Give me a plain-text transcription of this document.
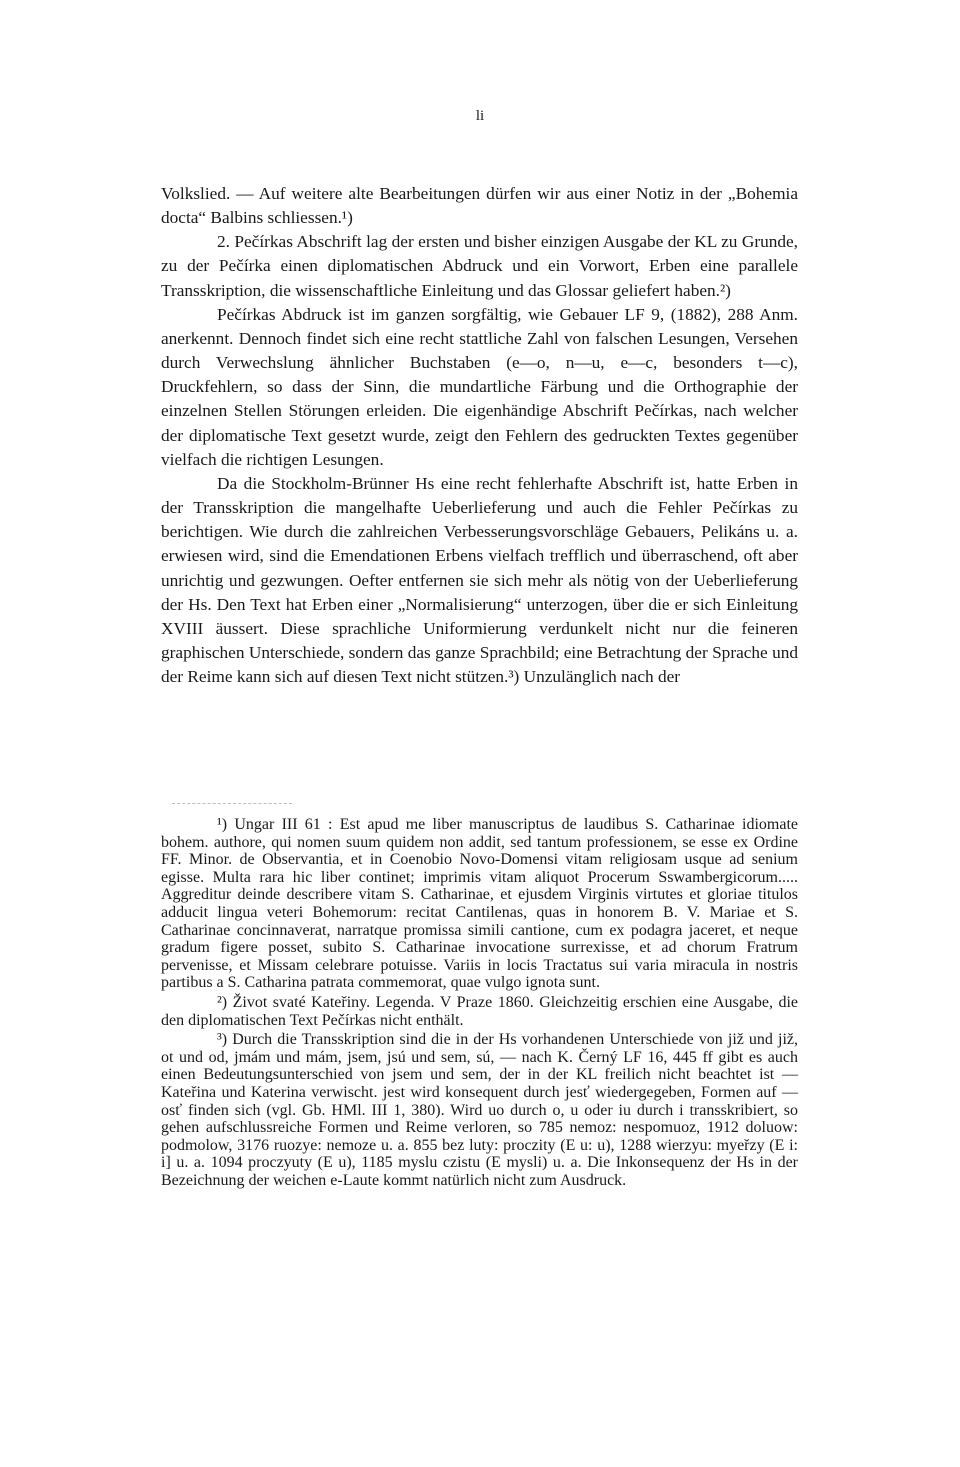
li

Volkslied. — Auf weitere alte Bearbeitungen dürfen wir aus einer Notiz in der „Bohemia docta“ Balbins schliessen.¹)

2. Pečírkas Abschrift lag der ersten und bisher einzigen Ausgabe der KL zu Grunde, zu der Pečírka einen diplomatischen Abdruck und ein Vorwort, Erben eine parallele Transskription, die wissenschaftliche Einleitung und das Glossar geliefert haben.²)

Pečírkas Abdruck ist im ganzen sorgfältig, wie Gebauer LF 9, (1882), 288 Anm. anerkennt. Dennoch findet sich eine recht stattliche Zahl von falschen Lesungen, Versehen durch Verwechslung ähnlicher Buchstaben (e—o, n—u, e—c, besonders t—c), Druckfehlern, so dass der Sinn, die mundartliche Färbung und die Orthographie der einzelnen Stellen Störungen erleiden. Die eigenhändige Abschrift Pečírkas, nach welcher der diplomatische Text gesetzt wurde, zeigt den Fehlern des gedruckten Textes gegenüber vielfach die richtigen Lesungen.

Da die Stockholm-Brünner Hs eine recht fehlerhafte Abschrift ist, hatte Erben in der Transskription die mangelhafte Ueberlieferung und auch die Fehler Pečírkas zu berichtigen. Wie durch die zahlreichen Verbesserungsvorschläge Gebauers, Pelikáns u. a. erwiesen wird, sind die Emendationen Erbens vielfach trefflich und überraschend, oft aber unrichtig und gezwungen. Oefter entfernen sie sich mehr als nötig von der Ueberlieferung der Hs. Den Text hat Erben einer „Normalisierung“ unterzogen, über die er sich Einleitung XVIII äussert. Diese sprachliche Uniformierung verdunkelt nicht nur die feineren graphischen Unterschiede, sondern das ganze Sprachbild; eine Betrachtung der Sprache und der Reime kann sich auf diesen Text nicht stützen.³) Unzulänglich nach der

¹) Ungar III 61 : Est apud me liber manuscriptus de laudibus S. Catharinae idiomate bohem. authore, qui nomen suum quidem non addit, sed tantum professionem, se esse ex Ordine FF. Minor. de Observantia, et in Coenobio Novo-Domensi vitam religiosam usque ad senium egisse. Multa rara hic liber continet; imprimis vitam aliquot Procerum Sswambergicorum..... Aggreditur deinde describere vitam S. Catharinae, et ejusdem Virginis virtutes et gloriae titulos adducit lingua veteri Bohemorum: recitat Cantilenas, quas in honorem B. V. Mariae et S. Catharinae concinnaverat, narratque promissa simili cantione, cum ex podagra jaceret, et neque gradum figere posset, subito S. Catharinae invocatione surrexisse, et ad chorum Fratrum pervenisse, et Missam celebrare potuisse. Variis in locis Tractatus sui varia miracula in nostris partibus a S. Catharina patrata commemorat, quae vulgo ignota sunt.

²) Život svaté Kateřiny. Legenda. V Praze 1860. Gleichzeitig erschien eine Ausgabe, die den diplomatischen Text Pečírkas nicht enthält.

³) Durch die Transskription sind die in der Hs vorhandenen Unterschiede von již und již, ot und od, jmám und mám, jsem, jsú und sem, sú, — nach K. Černý LF 16, 445 ff gibt es auch einen Bedeutungsunterschied von jsem und sem, der in der KL freilich nicht beachtet ist — Kateřina und Katerina verwischt. jest wird konsequent durch jesť wiedergegeben, Formen auf — osť finden sich (vgl. Gb. HMl. III 1, 380). Wird uo durch o, u oder iu durch i transskribiert, so gehen aufschlussreiche Formen und Reime verloren, so 785 nemoz: nespomuoz, 1912 doluow: podmolow, 3176 ruozye: nemoze u. a. 855 bez luty: proczity (E u: u), 1288 wierzyu: myeřzy (E i: i] u. a. 1094 proczyuty (E u), 1185 myslu czistu (E mysli) u. a. Die Inkonsequenz der Hs in der Bezeichnung der weichen e-Laute kommt natürlich nicht zum Ausdruck.
